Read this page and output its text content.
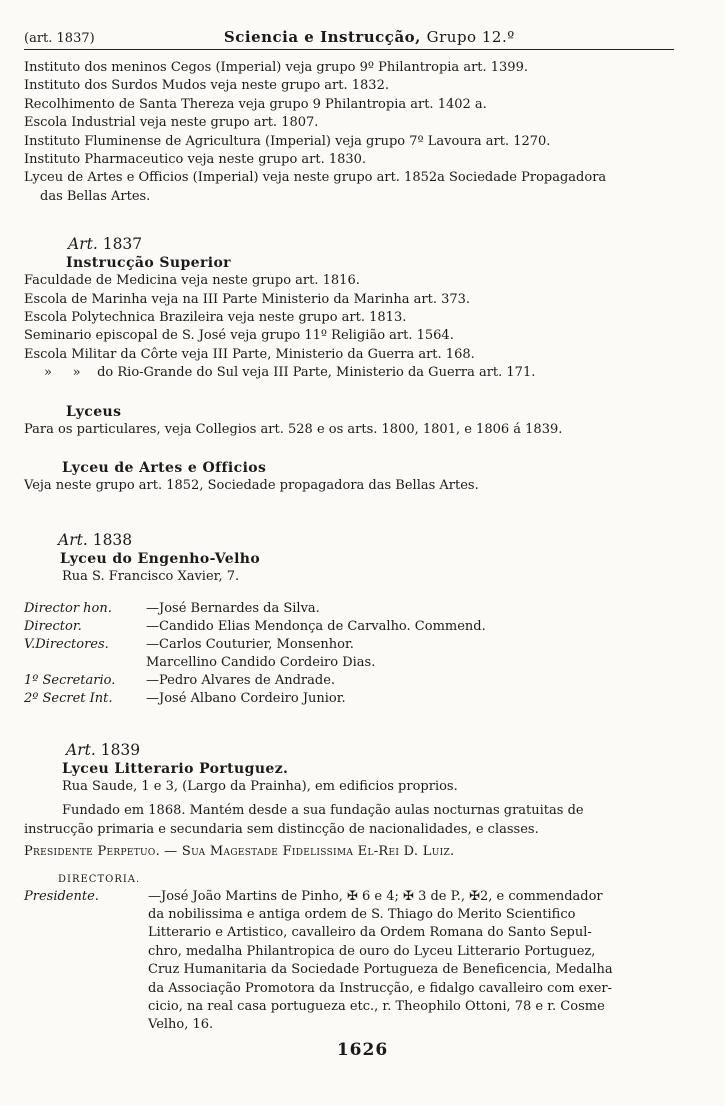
(art. 1837)	Sciencia e Instrucção, Grupo 12.º
Instituto dos meninos Cegos (Imperial) veja grupo 9º Philantropia art. 1399.
Instituto dos Surdos Mudos veja neste grupo art. 1832.
Recolhimento de Santa Thereza veja grupo 9 Philantropia art. 1402 a.
Escola Industrial veja neste grupo art. 1807.
Instituto Fluminense de Agricultura (Imperial) veja grupo 7º Lavoura art. 1270.
Instituto Pharmaceutico veja neste grupo art. 1830.
Lyceu de Artes e Officios (Imperial) veja neste grupo art. 1852a Sociedade Propagadora
das Bellas Artes.
Art. 1837
Instrucção Superior
Faculdade de Medicina veja neste grupo art. 1816.
Escola de Marinha veja na III Parte Ministerio da Marinha art. 373.
Escola Polytechnica Brazileira veja neste grupo art. 1813.
Seminario episcopal de S. José veja grupo 11º Religião art. 1564.
Escola Militar da Côrte veja III Parte, Ministerio da Guerra art. 168.
»     »    do Rio-Grande do Sul veja III Parte, Ministerio da Guerra art. 171.
Lyceus
Para os particulares, veja Collegios art. 528 e os arts. 1800, 1801, e 1806 á 1839.
Lyceu de Artes e Officios
Veja neste grupo art. 1852, Sociedade propagadora das Bellas Artes.
Art. 1838
Lyceu do Engenho-Velho
Rua S. Francisco Xavier, 7.
Director hon.	—José Bernardes da Silva.
Director.	—Candido Elias Mendonça de Carvalho. Commend.
V.Directores.	—Carlos Couturier, Monsenhor.
Marcellino Candido Cordeiro Dias.
1º Secretario.	—Pedro Alvares de Andrade.
2º Secret Int.	—José Albano Cordeiro Junior.
Art. 1839
Lyceu Litterario Portuguez.
Rua Saude, 1 e 3, (Largo da Prainha), em edificios proprios.
Fundado em 1868. Mantém desde a sua fundação aulas nocturnas gratuitas de
instrucção primaria e secundaria sem distincção de nacionalidades, e classes.
Presidente Perpetuo. — Sua Magestade Fidelissima El-Rei D. Luiz.
DIRECTORIA.
Presidente.	—José João Martins de Pinho, ✠ 6 e 4; ✠ 3 de P., ✠2, e commendador
da nobilissima e antiga ordem de S. Thiago do Merito Scientifico
Litterario e Artistico, cavalleiro da Ordem Romana do Santo Sepul-
chro, medalha Philantropica de ouro do Lyceu Litterario Portuguez,
Cruz Humanitaria da Sociedade Portugueza de Beneficencia, Medalha
da Associação Promotora da Instrucção, e fidalgo cavalleiro com exer-
cicio, na real casa portugueza etc., r. Theophilo Ottoni, 78 e r. Cosme
Velho, 16.
1626
